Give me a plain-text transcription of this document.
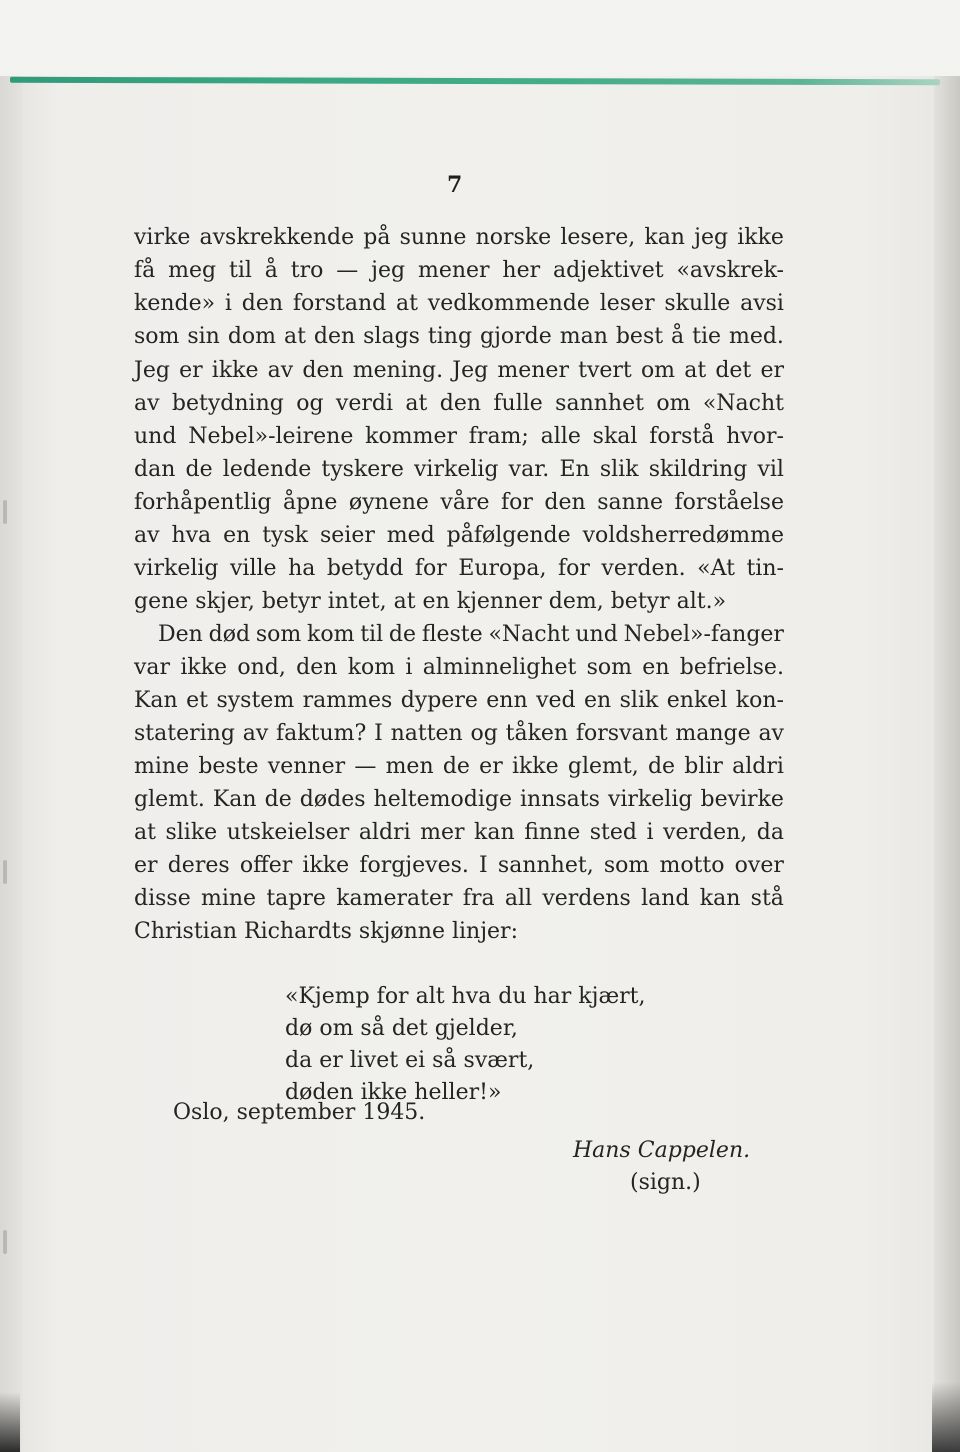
7
virke avskrekkende på sunne norske lesere, kan jeg ikke
få meg til å tro — jeg mener her adjektivet «avskrek-
kende» i den forstand at vedkommende leser skulle avsi
som sin dom at den slags ting gjorde man best å tie med.
Jeg er ikke av den mening. Jeg mener tvert om at det er
av betydning og verdi at den fulle sannhet om «Nacht
und Nebel»-leirene kommer fram; alle skal forstå hvor-
dan de ledende tyskere virkelig var. En slik skildring vil
forhåpentlig åpne øynene våre for den sanne forståelse
av hva en tysk seier med påfølgende voldsherredømme
virkelig ville ha betydd for Europa, for verden. «At tin-
gene skjer, betyr intet, at en kjenner dem, betyr alt.»
Den død som kom til de fleste «Nacht und Nebel»-fanger
var ikke ond, den kom i alminnelighet som en befrielse.
Kan et system rammes dypere enn ved en slik enkel kon-
statering av faktum? I natten og tåken forsvant mange av
mine beste venner — men de er ikke glemt, de blir aldri
glemt. Kan de dødes heltemodige innsats virkelig bevirke
at slike utskeielser aldri mer kan finne sted i verden, da
er deres offer ikke forgjeves. I sannhet, som motto over
disse mine tapre kamerater fra all verdens land kan stå
Christian Richardts skjønne linjer:
«Kjemp for alt hva du har kjært,
dø om så det gjelder,
da er livet ei så svært,
døden ikke heller!»
Oslo, september 1945.
Hans Cappelen.
(sign.)
